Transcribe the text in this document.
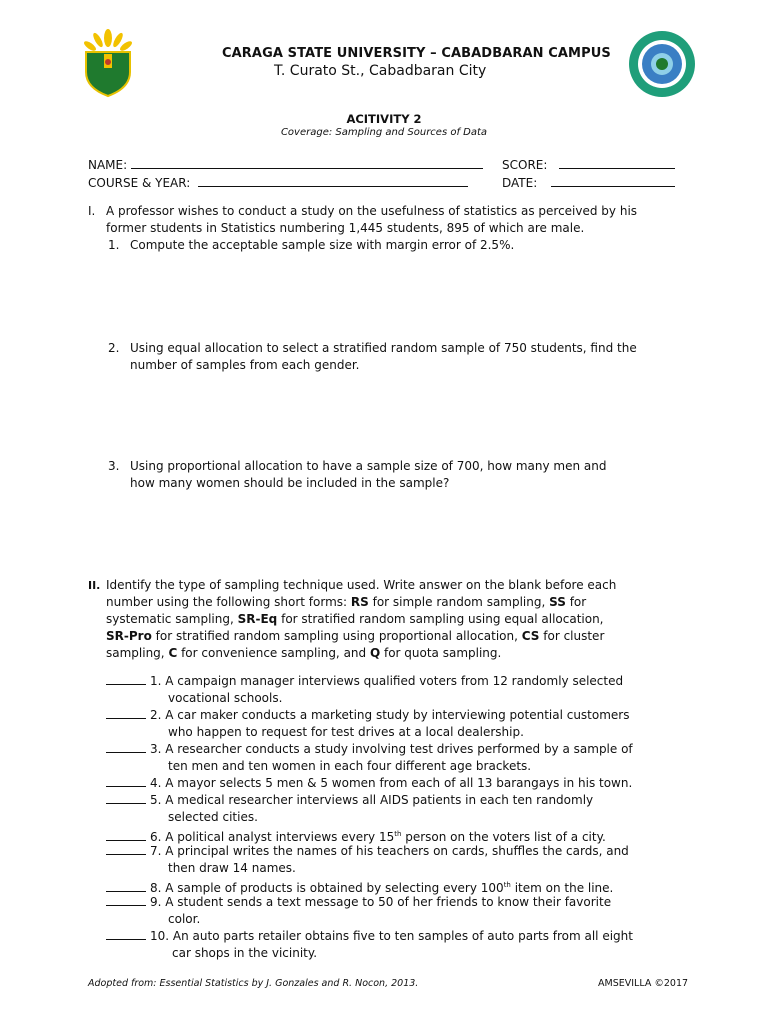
CARAGA STATE UNIVERSITY – CABADBARAN CAMPUS
T. Curato St., Cabadbaran City
ACITIVITY 2
Coverage: Sampling and Sources of Data
NAME:	SCORE:
COURSE & YEAR:	DATE:
I. A professor wishes to conduct a study on the usefulness of statistics as perceived by his
former students in Statistics numbering 1,445 students, 895 of which are male.
1. Compute the acceptable sample size with margin error of 2.5%.
2. Using equal allocation to select a stratified random sample of 750 students, find the
number of samples from each gender.
3. Using proportional allocation to have a sample size of 700, how many men and
how many women should be included in the sample?
II. Identify the type of sampling technique used. Write answer on the blank before each
number using the following short forms: RS for simple random sampling, SS for
systematic sampling, SR-Eq for stratified random sampling using equal allocation,
SR-Pro for stratified random sampling using proportional allocation, CS for cluster
sampling, C for convenience sampling, and Q for quota sampling.
1. A campaign manager interviews qualified voters from 12 randomly selected
vocational schools.
2. A car maker conducts a marketing study by interviewing potential customers
who happen to request for test drives at a local dealership.
3. A researcher conducts a study involving test drives performed by a sample of
ten men and ten women in each four different age brackets.
4. A mayor selects 5 men & 5 women from each of all 13 barangays in his town.
5. A medical researcher interviews all AIDS patients in each ten randomly
selected cities.
6. A political analyst interviews every 15th person on the voters list of a city.
7. A principal writes the names of his teachers on cards, shuffles the cards, and
then draw 14 names.
8. A sample of products is obtained by selecting every 100th item on the line.
9. A student sends a text message to 50 of her friends to know their favorite
color.
10. An auto parts retailer obtains five to ten samples of auto parts from all eight
car shops in the vicinity.
Adopted from: Essential Statistics by J. Gonzales and R. Nocon, 2013.	AMSEVILLA ©2017
